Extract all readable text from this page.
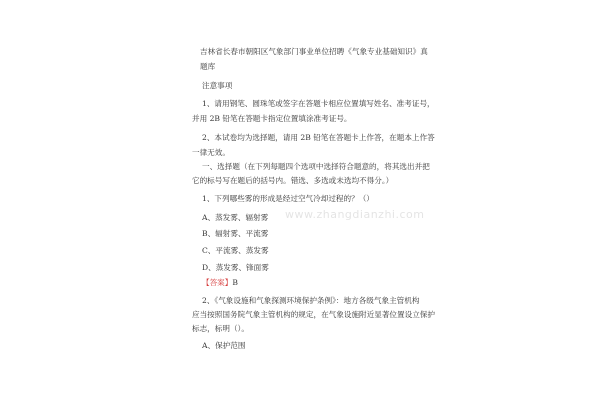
吉林省长春市朝阳区气象部门事业单位招聘《气象专业基础知识》真
题库
注意事项
1、请用钢笔、圆珠笔或签字在答题卡相应位置填写姓名、准考证号，
并用 2B 铅笔在答题卡指定位置填涂准考证号。
2、本试卷均为选择题，请用 2B 铅笔在答题卡上作答，在题本上作答
一律无效。
一、选择题（在下列每题四个选项中选择符合题意的，将其选出并把
它的标号写在题后的括号内。错选、多选或未选均不得分。）
1、下列哪些雾的形成是经过空气冷却过程的？（）
A、蒸发雾、辐射雾
B、辐射雾、平流雾
C、平流雾、蒸发雾
D、蒸发雾、锋面雾
【答案】B
2、《气象设施和气象探测环境保护条例》：地方各级气象主管机构
应当按照国务院气象主管机构的规定，在气象设施附近显著位置设立保护
标志，标明（）。
A、保护范围
www.zhangdianzhi.com
